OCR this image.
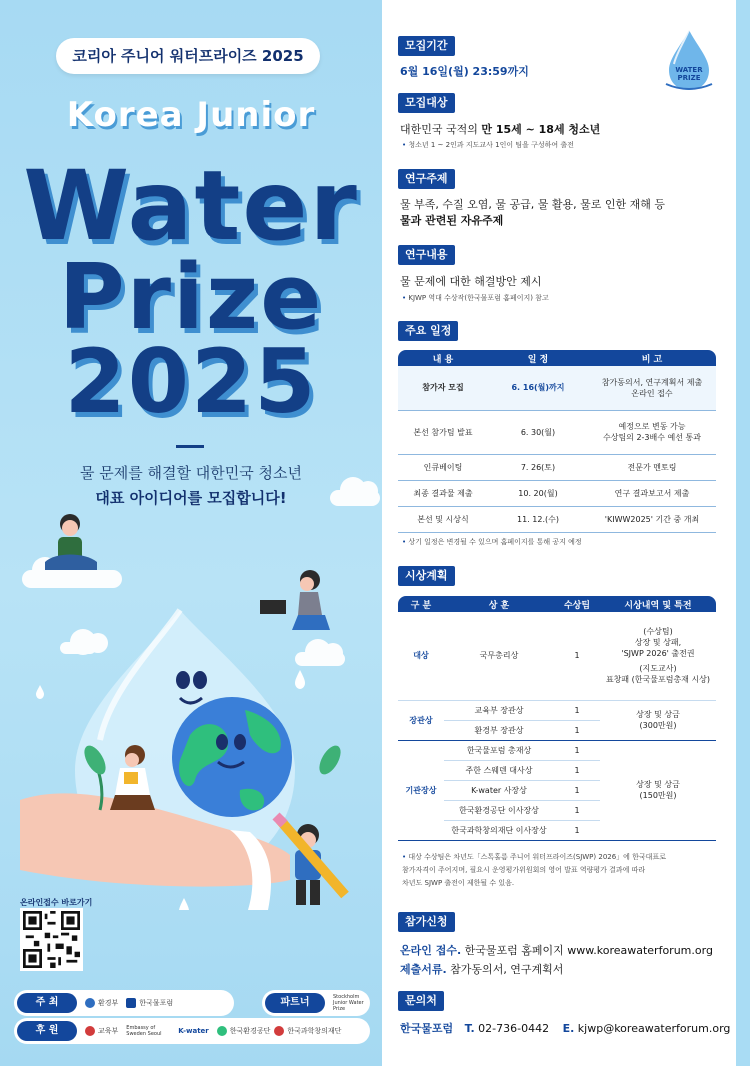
코리아 주니어 워터프라이즈 2025
Korea Junior
Water
Prize
2025
물 문제를 해결할 대한민국 청소년
대표 아이디어를 모집합니다!
온라인접수 바로가기
주 최	환경부	한국물포럼	파트너	Stockholm Junior Water Prize
후 원	교육부 Embassy of Sweden Seoul	K-water	한국환경공단 한국과학창의재단
WATER
PRIZE
모집기간
6월 16일(월) 23:59까지
모집대상
대한민국 국적의 만 15세 ~ 18세 청소년
• 청소년 1 ~ 2인과 지도교사 1인이 팀을 구성하여 출전
연구주제
물 부족, 수질 오염, 물 공급, 물 활용, 물로 인한 재해 등
물과 관련된 자유주제
연구내용
물 문제에 대한 해결방안 제시
• KJWP 역대 수상작(한국물포럼 홈페이지) 참고
주요 일정
내 용	일 정	비 고
참가자 모집	6. 16(월)까지	참가동의서, 연구계획서 제출
온라인 접수

본선 참가팀 발표	6. 30(월)	예정으로 변동 가능
수상팀의 2-3배수 예선 통과

인큐베이팅	7. 26(토)	전문가 멘토링
최종 결과물 제출	10. 20(월)	연구 결과보고서 제출
본선 및 시상식	11. 12.(수)	'KIWW2025' 기간 중 개최
• 상기 일정은 변경될 수 있으며 홈페이지를 통해 공지 예정
시상계획
구 분	상 훈	수상팀	시상내역 및 특전
대상	국무총리상	1	(수상팀)
상장 및 상패,
'SJWP 2026' 출전권
(지도교사)
표창패 (한국물포럼총재 시상)

장관상	교육부 장관상	1	상장 및 상금
(300만원)

	환경부 장관상	1	
기관장상	한국물포럼 총재상	1	상장 및 상금
(150만원)

	주한 스웨덴 대사상	1	
	K-water 사장상	1	
	한국환경공단 이사장상	1	
	한국과학창의재단 이사장상	1	
• 대상 수상팀은 차년도「스톡홀름 주니어 워터프라이즈(SJWP) 2026」에 한국대표로
참가자격이 주어지며, 필요시 운영평가위원회의 영어 발표 역량평가 결과에 따라
차년도 SJWP 출전이 제한될 수 있음.
참가신청
온라인 접수. 한국물포럼 홈페이지 www.koreawaterforum.org
제출서류. 참가동의서, 연구계획서
문의처
한국물포럼 T. 02-736-0442 E. kjwp@koreawaterforum.org
